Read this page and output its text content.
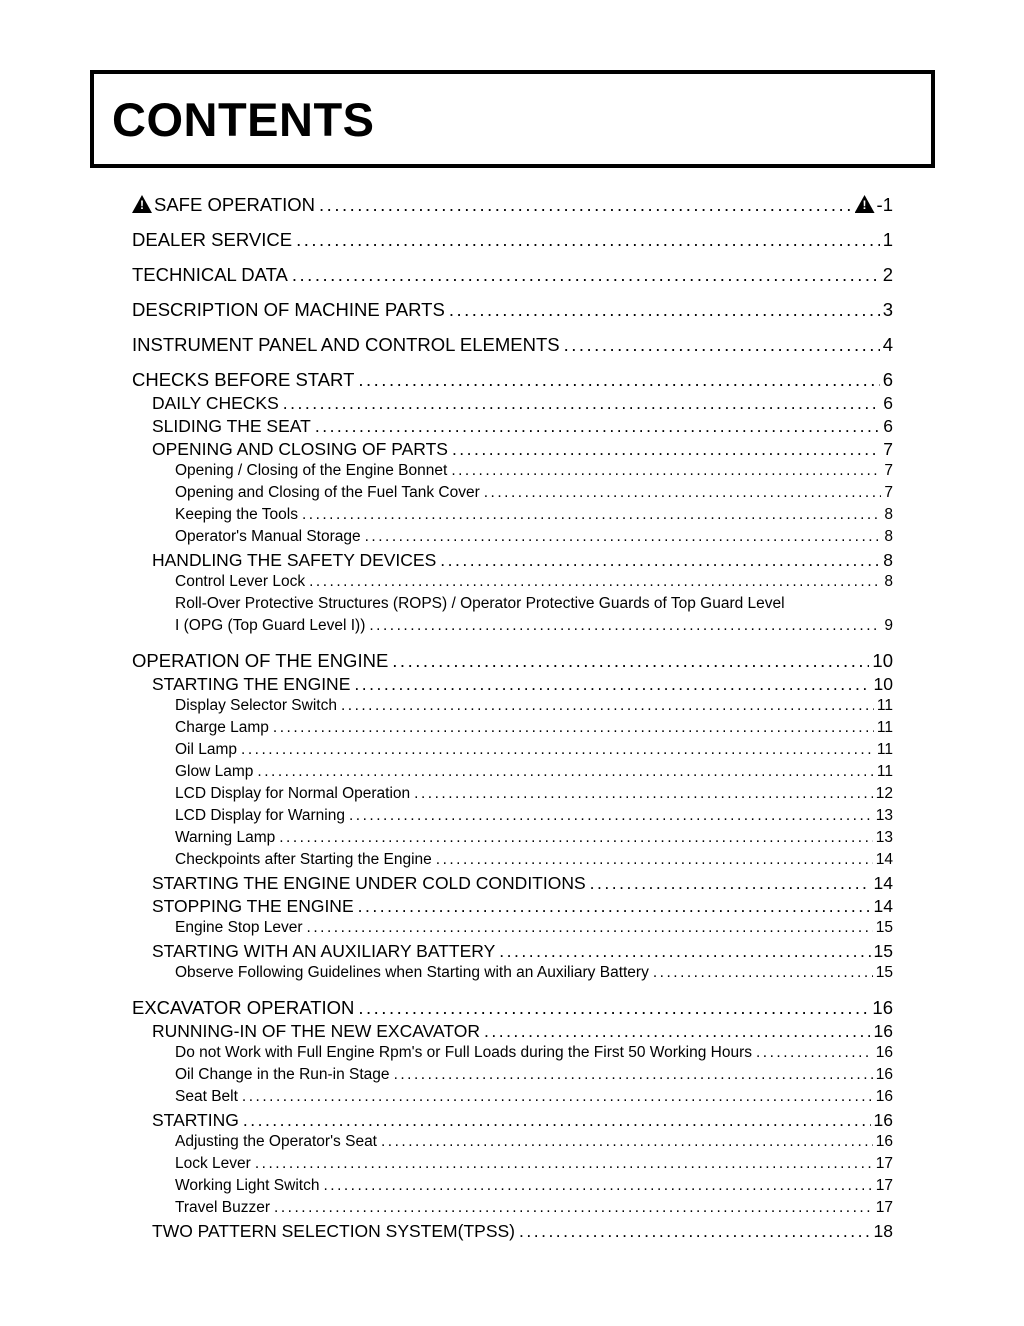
CONTENTS
!SAFE OPERATION ..... !	-1
DEALER SERVICE .....	1
TECHNICAL DATA .....	2
DESCRIPTION OF MACHINE PARTS .....	3
INSTRUMENT PANEL AND CONTROL ELEMENTS .....	4
CHECKS BEFORE START .....	6
DAILY CHECKS .....	6
SLIDING THE SEAT .....	6
OPENING AND CLOSING OF PARTS .....	7
Opening / Closing of the Engine Bonnet .....	7
Opening and Closing of the Fuel Tank Cover .....	7
Keeping the Tools .....	8
Operator's Manual Storage .....	8
HANDLING THE SAFETY DEVICES .....	8
Control Lever Lock .....	8
Roll-Over Protective Structures (ROPS) / Operator Protective Guards of Top Guard Level
I (OPG (Top Guard Level I)) .....	9
OPERATION OF THE ENGINE .....	10
STARTING THE ENGINE .....	10
Display Selector Switch .....	11
Charge Lamp .....	11
Oil Lamp .....	11
Glow Lamp .....	11
LCD Display for Normal Operation .....	12
LCD Display for Warning .....	13
Warning Lamp .....	13
Checkpoints after Starting the Engine .....	14
STARTING THE ENGINE UNDER COLD CONDITIONS .....	14
STOPPING THE ENGINE .....	14
Engine Stop Lever .....	15
STARTING WITH AN AUXILIARY BATTERY .....	15
Observe Following Guidelines when Starting with an Auxiliary Battery .....	15
EXCAVATOR OPERATION .....	16
RUNNING-IN OF THE NEW EXCAVATOR .....	16
Do not Work with Full Engine Rpm's or Full Loads during the First 50 Working Hours .....	16
Oil Change in the Run-in Stage .....	16
Seat Belt .....	16
STARTING .....	16
Adjusting the Operator's Seat .....	16
Lock Lever .....	17
Working Light Switch .....	17
Travel Buzzer .....	17
TWO PATTERN SELECTION SYSTEM(TPSS) .....	18
